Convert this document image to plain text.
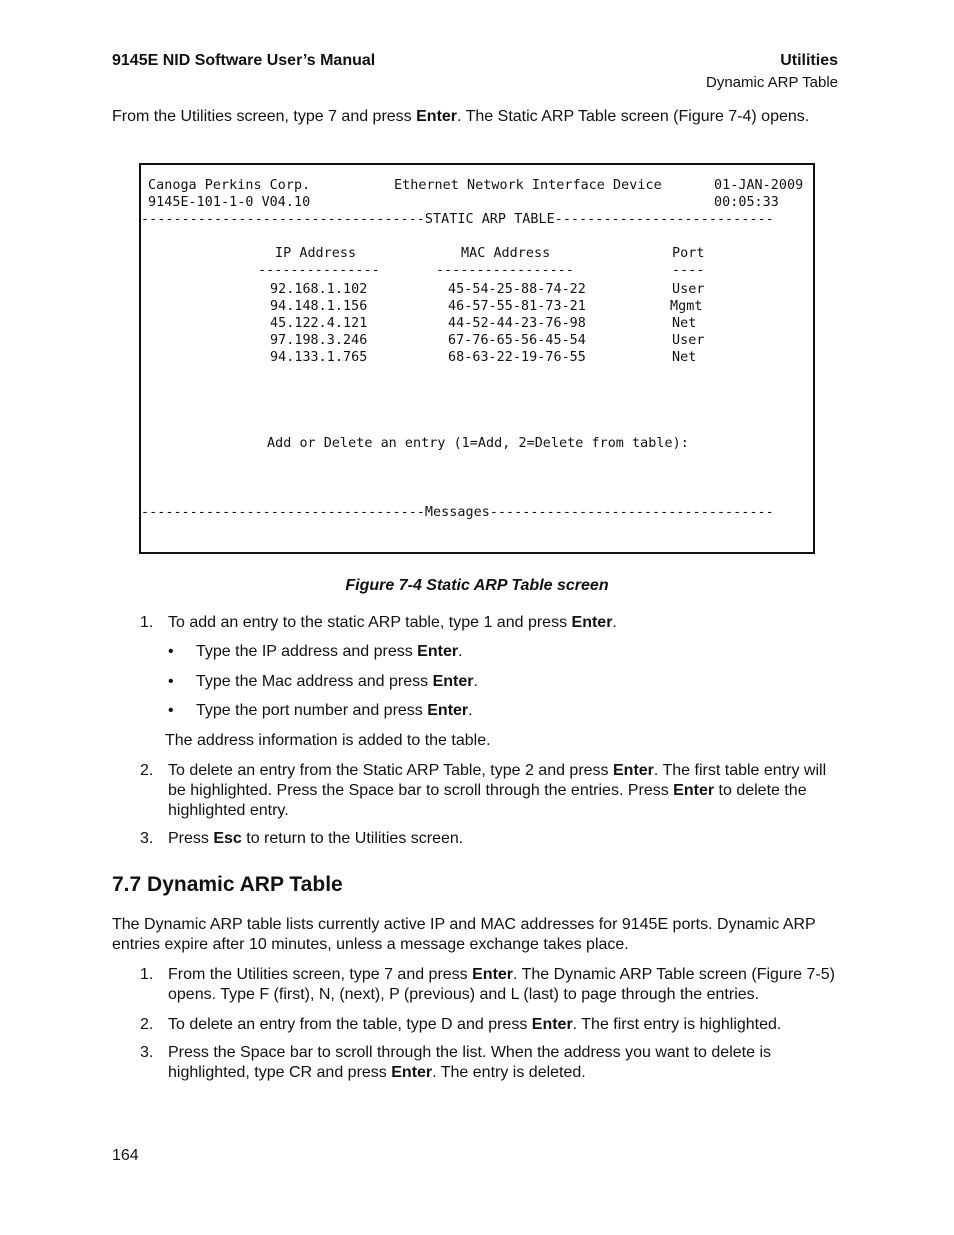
9145E NID Software User’s Manual	Utilities
Dynamic ARP Table
From the Utilities screen, type 7 and press Enter. The Static ARP Table screen (Figure 7-4) opens.
Canoga Perkins Corp.	Ethernet Network Interface Device	01-JAN-2009
9145E-101-1-0 V04.10	00:05:33
-----------------------------------STATIC ARP TABLE---------------------------
IP Address	MAC Address	Port
---------------	-----------------	----
92.168.1.102	45-54-25-88-74-22	User
94.148.1.156	46-57-55-81-73-21	Mgmt
45.122.4.121	44-52-44-23-76-98	Net
97.198.3.246	67-76-65-56-45-54	User
94.133.1.765	68-63-22-19-76-55	Net
Add or Delete an entry (1=Add, 2=Delete from table):
-----------------------------------Messages-----------------------------------
Figure 7-4 Static ARP Table screen
1. To add an entry to the static ARP table, type 1 and press Enter.
• Type the IP address and press Enter.
• Type the Mac address and press Enter.
• Type the port number and press Enter.
The address information is added to the table.
2. To delete an entry from the Static ARP Table, type 2 and press Enter. The first table entry will be highlighted. Press the Space bar to scroll through the entries. Press Enter to delete the highlighted entry.
3. Press Esc to return to the Utilities screen.
7.7 Dynamic ARP Table
The Dynamic ARP table lists currently active IP and MAC addresses for 9145E ports. Dynamic ARP entries expire after 10 minutes, unless a message exchange takes place.
1. From the Utilities screen, type 7 and press Enter. The Dynamic ARP Table screen (Figure 7-5) opens. Type F (first), N, (next), P (previous) and L (last) to page through the entries.
2. To delete an entry from the table, type D and press Enter. The first entry is highlighted.
3. Press the Space bar to scroll through the list. When the address you want to delete is highlighted, type CR and press Enter. The entry is deleted.
164
